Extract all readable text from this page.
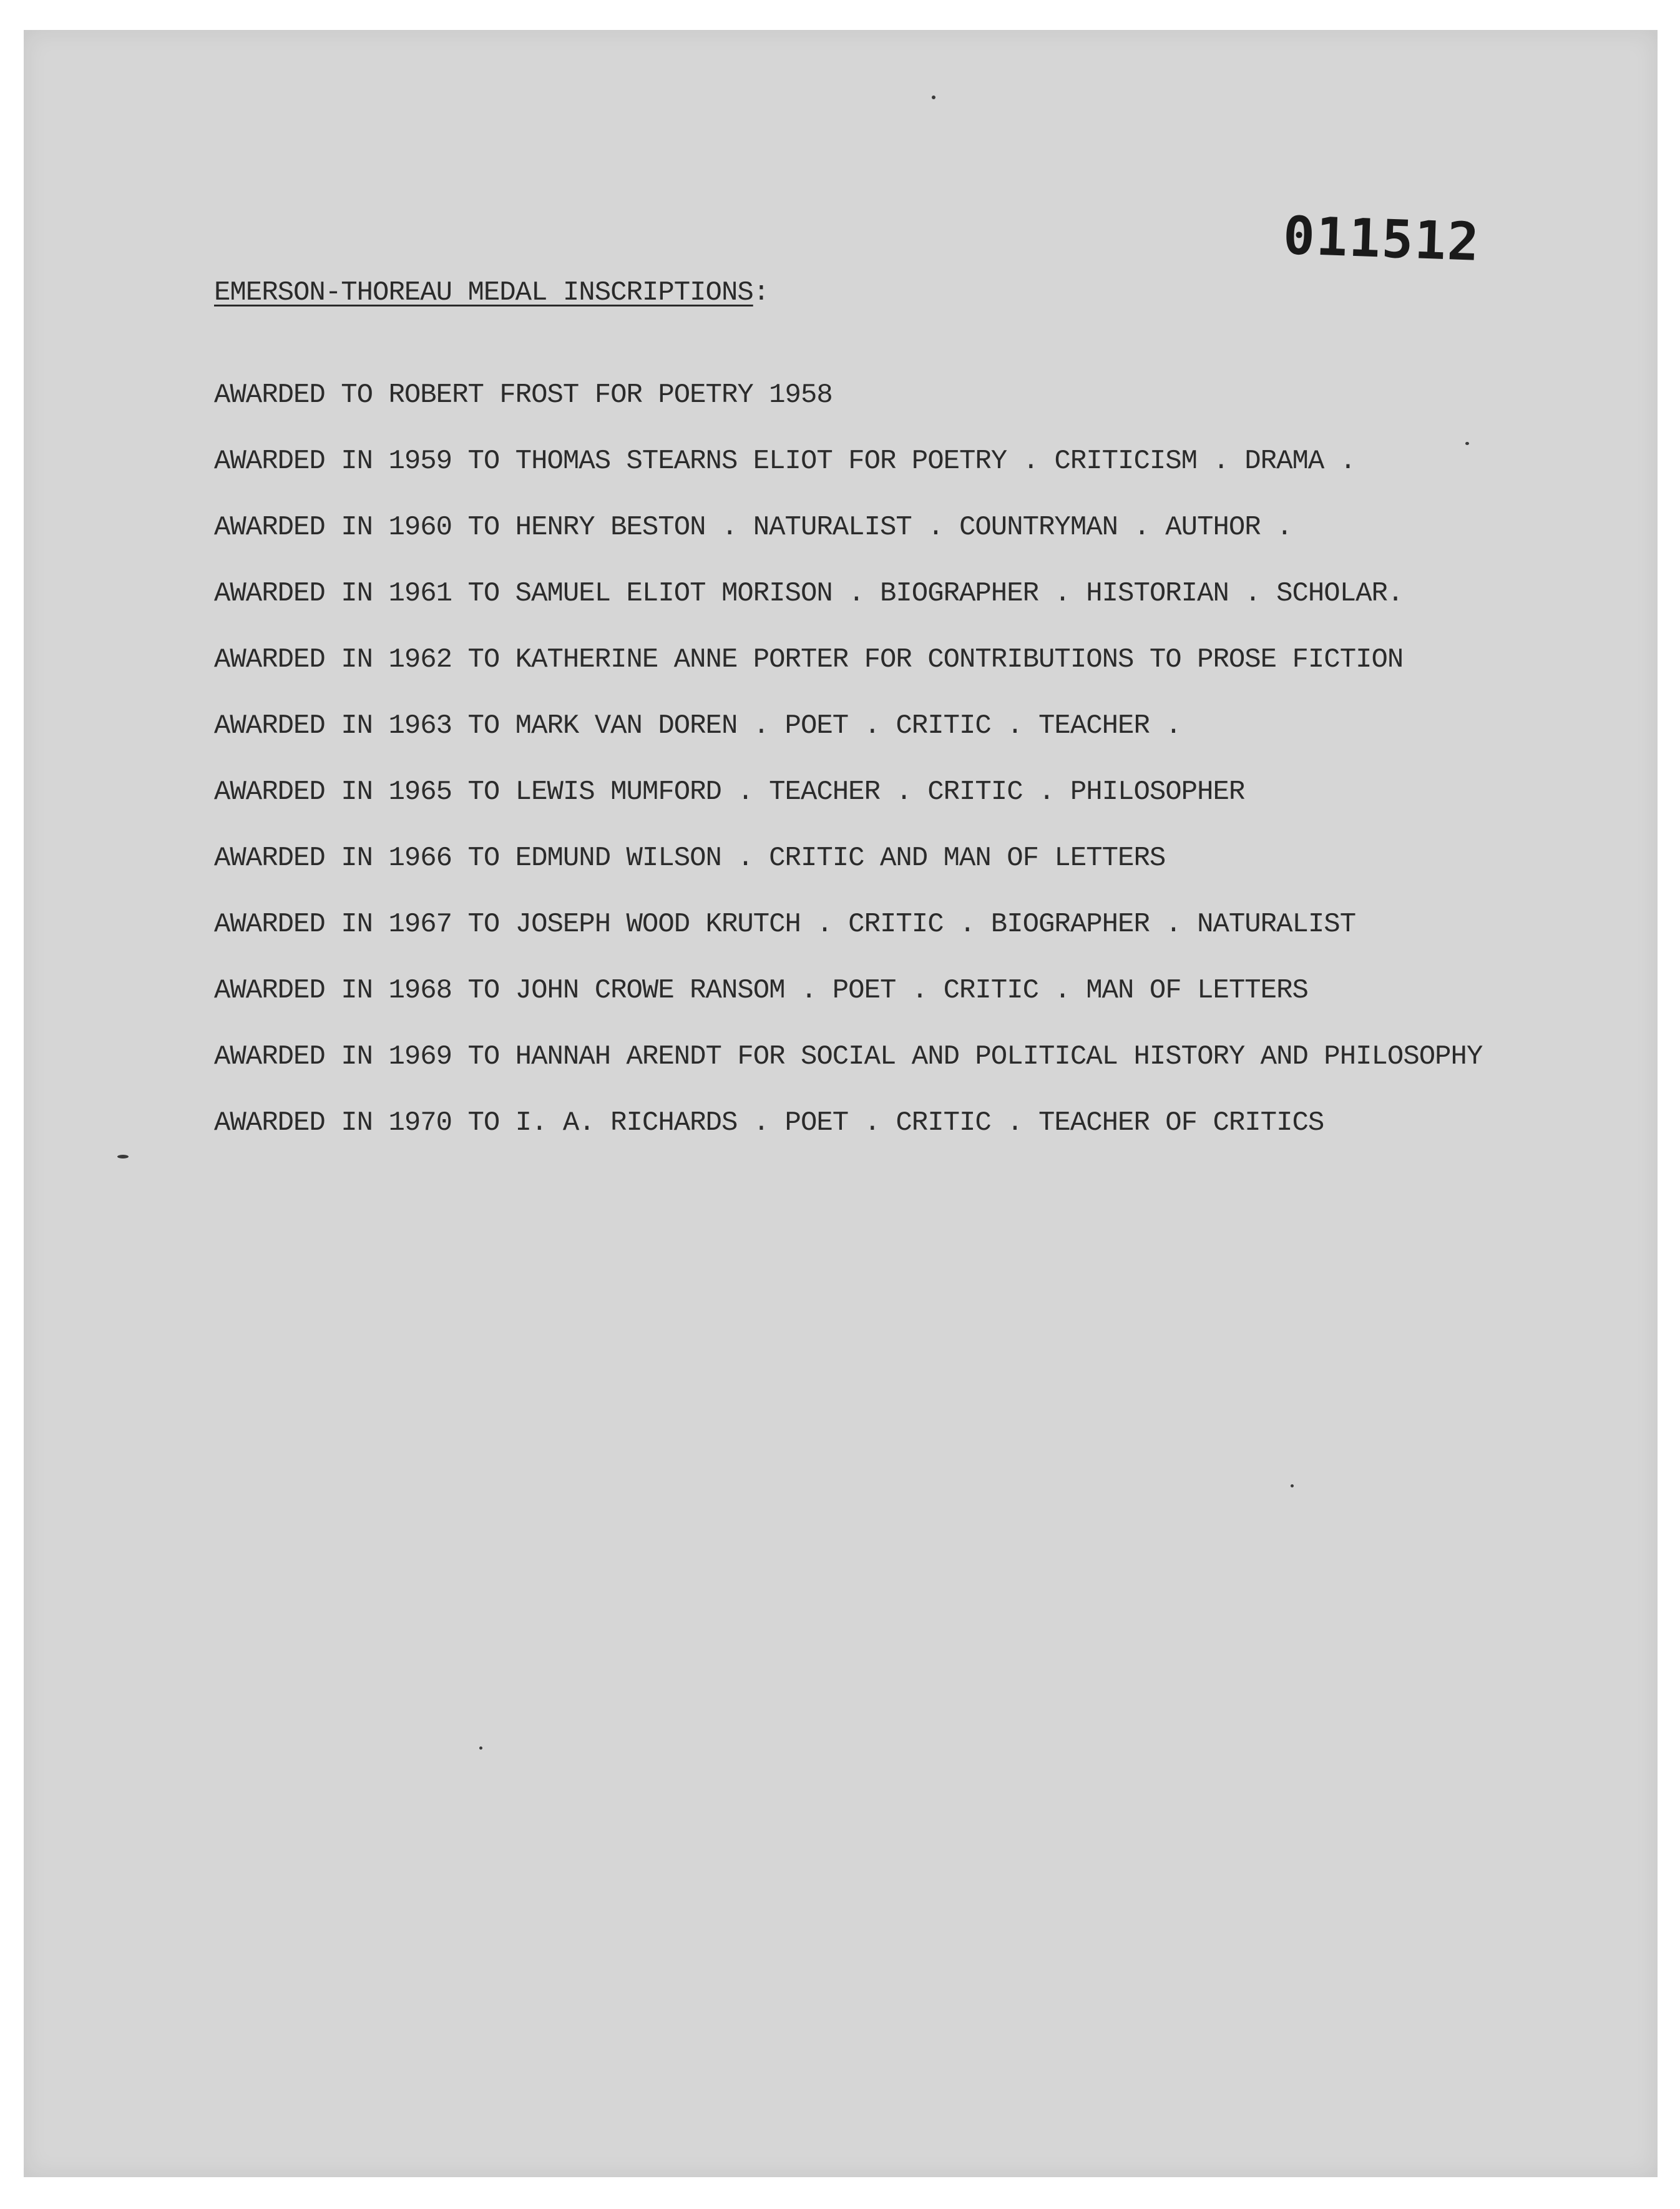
011512
EMERSON-THOREAU MEDAL INSCRIPTIONS:
AWARDED TO ROBERT FROST FOR POETRY 1958
AWARDED IN 1959 TO THOMAS STEARNS ELIOT FOR POETRY . CRITICISM . DRAMA .
AWARDED IN 1960 TO HENRY BESTON . NATURALIST . COUNTRYMAN . AUTHOR .
AWARDED IN 1961 TO SAMUEL ELIOT MORISON . BIOGRAPHER . HISTORIAN . SCHOLAR.
AWARDED IN 1962 TO KATHERINE ANNE PORTER FOR CONTRIBUTIONS TO PROSE FICTION
AWARDED IN 1963 TO MARK VAN DOREN . POET . CRITIC . TEACHER .
AWARDED IN 1965 TO LEWIS MUMFORD . TEACHER . CRITIC . PHILOSOPHER
AWARDED IN 1966 TO EDMUND WILSON . CRITIC AND MAN OF LETTERS
AWARDED IN 1967 TO JOSEPH WOOD KRUTCH . CRITIC . BIOGRAPHER . NATURALIST
AWARDED IN 1968 TO JOHN CROWE RANSOM . POET . CRITIC . MAN OF LETTERS
AWARDED IN 1969 TO HANNAH ARENDT FOR SOCIAL AND POLITICAL HISTORY AND PHILOSOPHY
AWARDED IN 1970 TO I. A. RICHARDS . POET . CRITIC . TEACHER OF CRITICS
